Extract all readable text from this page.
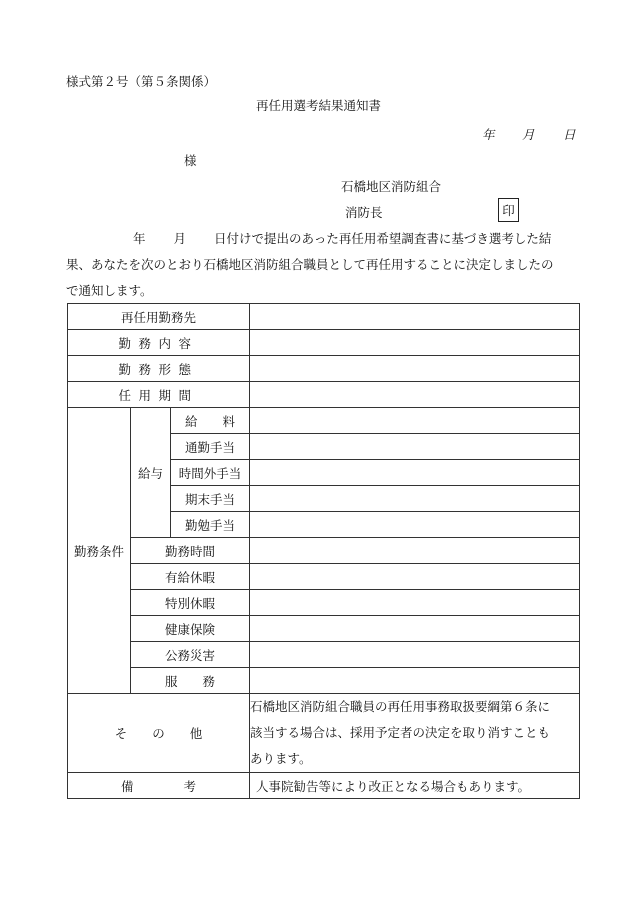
様式第２号（第５条関係）
再任用選考結果通知書
年 月 日
様
石橋地区消防組合
消防長	印
年 月 日付けで提出のあった再任用希望調査書に基づき選考した結
果、あなたを次のとおり石橋地区消防組合職員として再任用することに決定しましたの
で通知します。
再任用勤務先			
勤務内容			
勤務形態			
任用期間			
勤務条件	給与	給　　料	
		通勤手当	
		時間外手当	
		期末手当	
		勤勉手当	
	勤務時間		
	有給休暇		
	特別休暇		
	健康保険		
	公務災害		
	服　　務		
そ　　の　　他			石橋地区消防組合職員の再任用事務取扱要綱第６条に
該当する場合は、採用予定者の決定を取り消すことも
あります。

備　　　　考			人事院勧告等により改正となる場合もあります。
